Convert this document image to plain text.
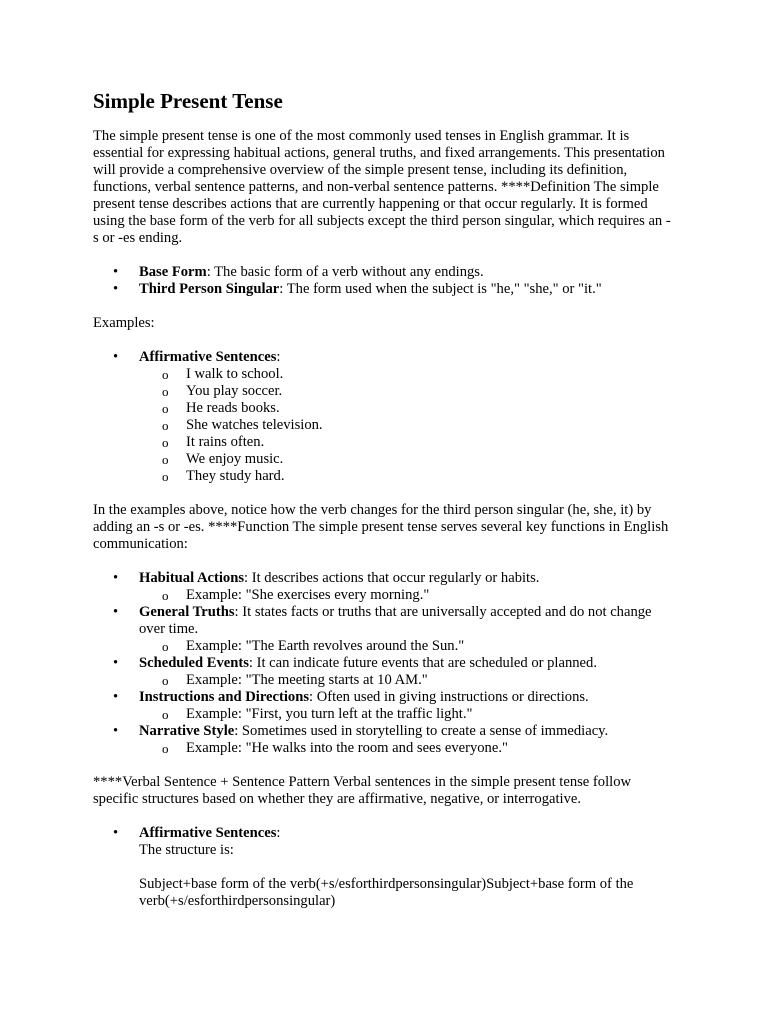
Simple Present Tense

The simple present tense is one of the most commonly used tenses in English grammar. It is essential for expressing habitual actions, general truths, and fixed arrangements. This presentation will provide a comprehensive overview of the simple present tense, including its definition, functions, verbal sentence patterns, and non-verbal sentence patterns. ****Definition The simple present tense describes actions that are currently happening or that occur regularly. It is formed using the base form of the verb for all subjects except the third person singular, which requires an -s or -es ending.

• Base Form: The basic form of a verb without any endings.
• Third Person Singular: The form used when the subject is "he," "she," or "it."

Examples:

• Affirmative Sentences:
o I walk to school.
o You play soccer.
o He reads books.
o She watches television.
o It rains often.
o We enjoy music.
o They study hard.

In the examples above, notice how the verb changes for the third person singular (he, she, it) by adding an -s or -es. ****Function The simple present tense serves several key functions in English communication:

• Habitual Actions: It describes actions that occur regularly or habits.
o Example: "She exercises every morning."
• General Truths: It states facts or truths that are universally accepted and do not change over time.
o Example: "The Earth revolves around the Sun."
• Scheduled Events: It can indicate future events that are scheduled or planned.
o Example: "The meeting starts at 10 AM."
• Instructions and Directions: Often used in giving instructions or directions.
o Example: "First, you turn left at the traffic light."
• Narrative Style: Sometimes used in storytelling to create a sense of immediacy.
o Example: "He walks into the room and sees everyone."

****Verbal Sentence + Sentence Pattern Verbal sentences in the simple present tense follow specific structures based on whether they are affirmative, negative, or interrogative.

• Affirmative Sentences:
The structure is:
Subject+base form of the verb(+s/esforthirdpersonsingular)Subject+base form of the verb(+s/esforthirdpersonsingular)
